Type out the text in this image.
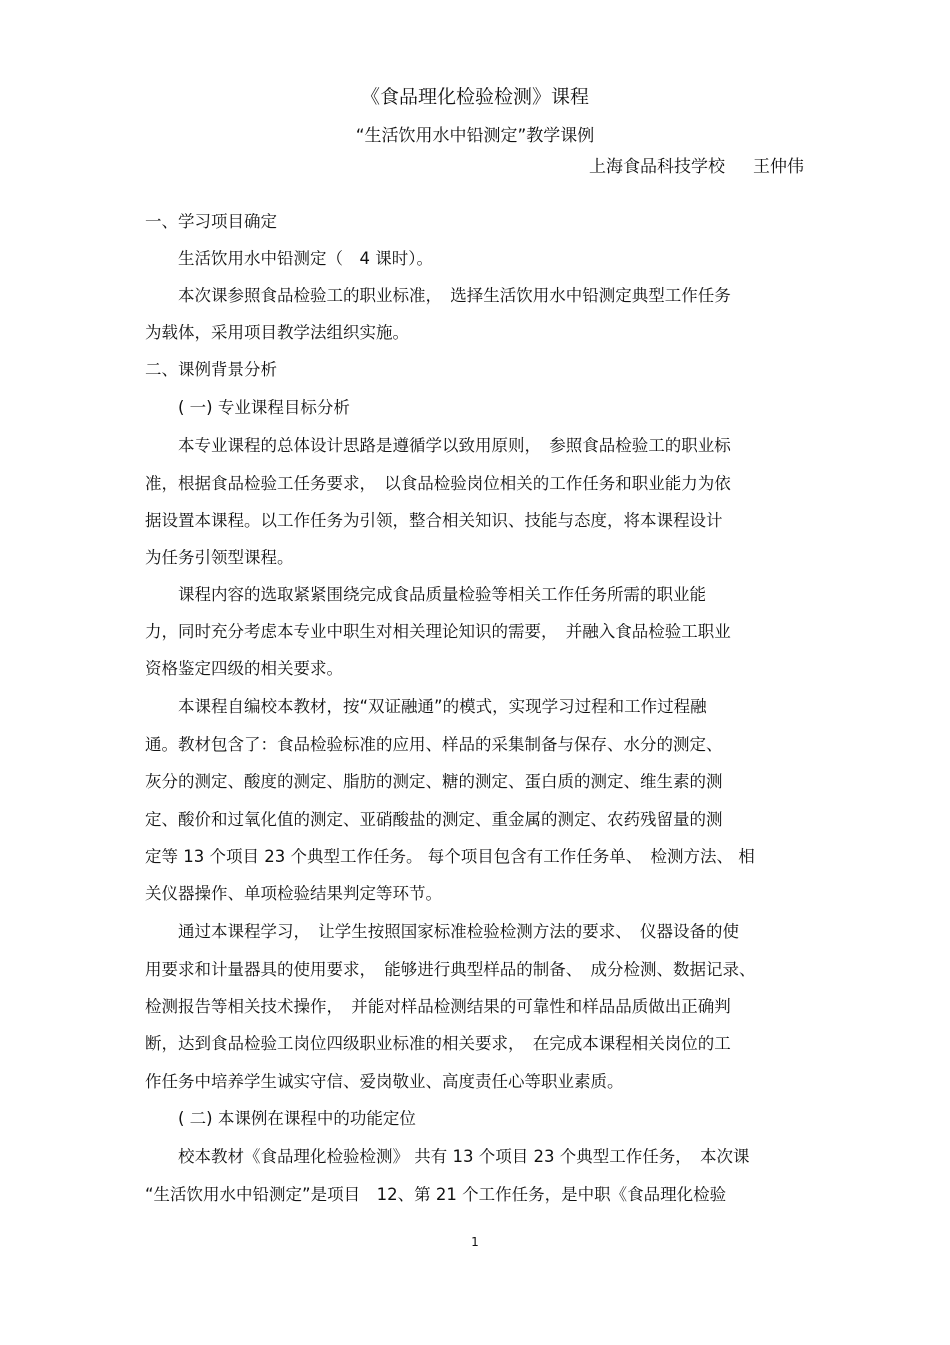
《食品理化检验检测》课程
“生活饮用水中铅测定”教学课例
上海食品科技学校 王仲伟
一、学习项目确定
　　生活饮用水中铅测定（　4 课时）。
　　本次课参照食品检验工的职业标准，　选择生活饮用水中铅测定典型工作任务
为载体，采用项目教学法组织实施。
二、课例背景分析
　　( 一) 专业课程目标分析
　　本专业课程的总体设计思路是遵循学以致用原则，　参照食品检验工的职业标
准，根据食品检验工任务要求，　以食品检验岗位相关的工作任务和职业能力为依
据设置本课程。以工作任务为引领，整合相关知识、技能与态度，将本课程设计
为任务引领型课程。
　　课程内容的选取紧紧围绕完成食品质量检验等相关工作任务所需的职业能
力，同时充分考虑本专业中职生对相关理论知识的需要，　并融入食品检验工职业
资格鉴定四级的相关要求。
　　本课程自编校本教材，按“双证融通”的模式，实现学习过程和工作过程融
通。教材包含了：食品检验标准的应用、样品的采集制备与保存、水分的测定、
灰分的测定、酸度的测定、脂肪的测定、糖的测定、蛋白质的测定、维生素的测
定、酸价和过氧化值的测定、亚硝酸盐的测定、重金属的测定、农药残留量的测
定等 13 个项目 23 个典型工作任务。 每个项目包含有工作任务单、　检测方法、 相
关仪器操作、单项检验结果判定等环节。
　　通过本课程学习，　让学生按照国家标准检验检测方法的要求、　仪器设备的使
用要求和计量器具的使用要求，　能够进行典型样品的制备、　成分检测、数据记录、
检测报告等相关技术操作，　并能对样品检测结果的可靠性和样品品质做出正确判
断，达到食品检验工岗位四级职业标准的相关要求，　在完成本课程相关岗位的工
作任务中培养学生诚实守信、爱岗敬业、高度责任心等职业素质。
　　( 二) 本课例在课程中的功能定位
　　校本教材《食品理化检验检测》 共有 13 个项目 23 个典型工作任务，　本次课
“生活饮用水中铅测定”是项目　12、第 21 个工作任务，是中职《食品理化检验
1
